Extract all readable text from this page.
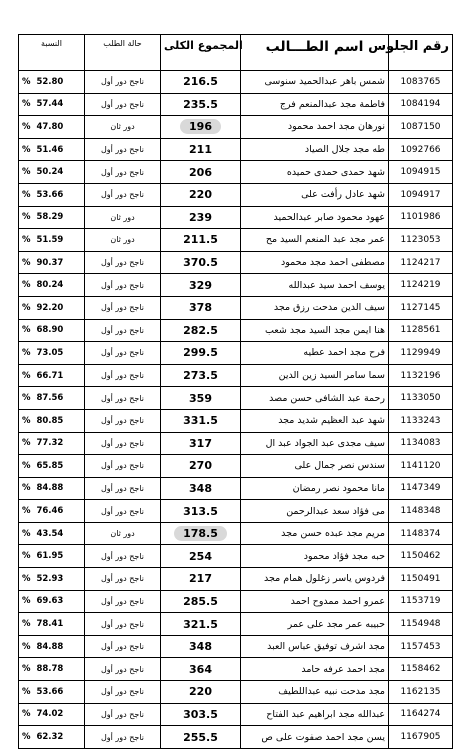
النسبة	حالة الطلب	المجموع الكلى	اسم الطـــالب	رقم الجلوس
% 52.80	ناجح دور أول	216.5	شمس باهر عبدالحميد سنوسى	1083765
% 57.44	ناجح دور أول	235.5	فاطمة مجد عبدالمنعم فرج	1084194
% 47.80	دور ثان	196	نورهان مجد احمد محمود	1087150
% 51.46	ناجح دور أول	211	طه مجد جلال الصياد	1092766
% 50.24	ناجح دور أول	206	شهد حمدى حمدى حميده	1094915
% 53.66	ناجح دور أول	220	شهد عادل رأفت على	1094917
% 58.29	دور ثان	239	عهود محمود صابر عبدالحميد	1101986
% 51.59	دور ثان	211.5	عمر مجد عبد المنعم السيد مح	1123053
% 90.37	ناجح دور أول	370.5	مصطفى احمد مجد محمود	1124217
% 80.24	ناجح دور أول	329	يوسف احمد سيد عبدالله	1124219
% 92.20	ناجح دور أول	378	سيف الدين مدحت رزق مجد	1127145
% 68.90	ناجح دور أول	282.5	هنا ايمن مجد السيد مجد شعب	1128561
% 73.05	ناجح دور أول	299.5	فرح مجد احمد عطيه	1129949
% 66.71	ناجح دور أول	273.5	سما سامر السيد زين الدين	1132196
% 87.56	ناجح دور أول	359	رحمة عبد الشافى حسن مصد	1133050
% 80.85	ناجح دور أول	331.5	شهد عبد العظيم شديد مجد	1133243
% 77.32	ناجح دور أول	317	سيف مجدى عبد الجواد عبد ال	1134083
% 65.85	ناجح دور أول	270	سندس نصر جمال على	1141120
% 84.88	ناجح دور أول	348	مانا محمود نصر رمضان	1147349
% 76.46	ناجح دور أول	313.5	مى فؤاد سعد عبدالرحمن	1148348
% 43.54	دور ثان	178.5	مريم مجد عبده حسن مجد	1148374
% 61.95	ناجح دور أول	254	حبه مجد فؤاد محمود	1150462
% 52.93	ناجح دور أول	217	فردوس ياسر زغلول همام مجد	1150491
% 69.63	ناجح دور أول	285.5	عمرو احمد ممدوح احمد	1153719
% 78.41	ناجح دور أول	321.5	حبيبه عمر مجد على عمر	1154948
% 84.88	ناجح دور أول	348	مجد اشرف توفيق عباس العبد	1157453
% 88.78	ناجح دور أول	364	مجد احمد عرفه حامد	1158462
% 53.66	ناجح دور أول	220	مجد مدحت نبيه عبداللطيف	1162135
% 74.02	ناجح دور أول	303.5	عبدالله مجد ابراهيم عبد الفتاح	1164274
% 62.32	ناجح دور أول	255.5	يسن مجد احمد صفوت على ص	1167905
